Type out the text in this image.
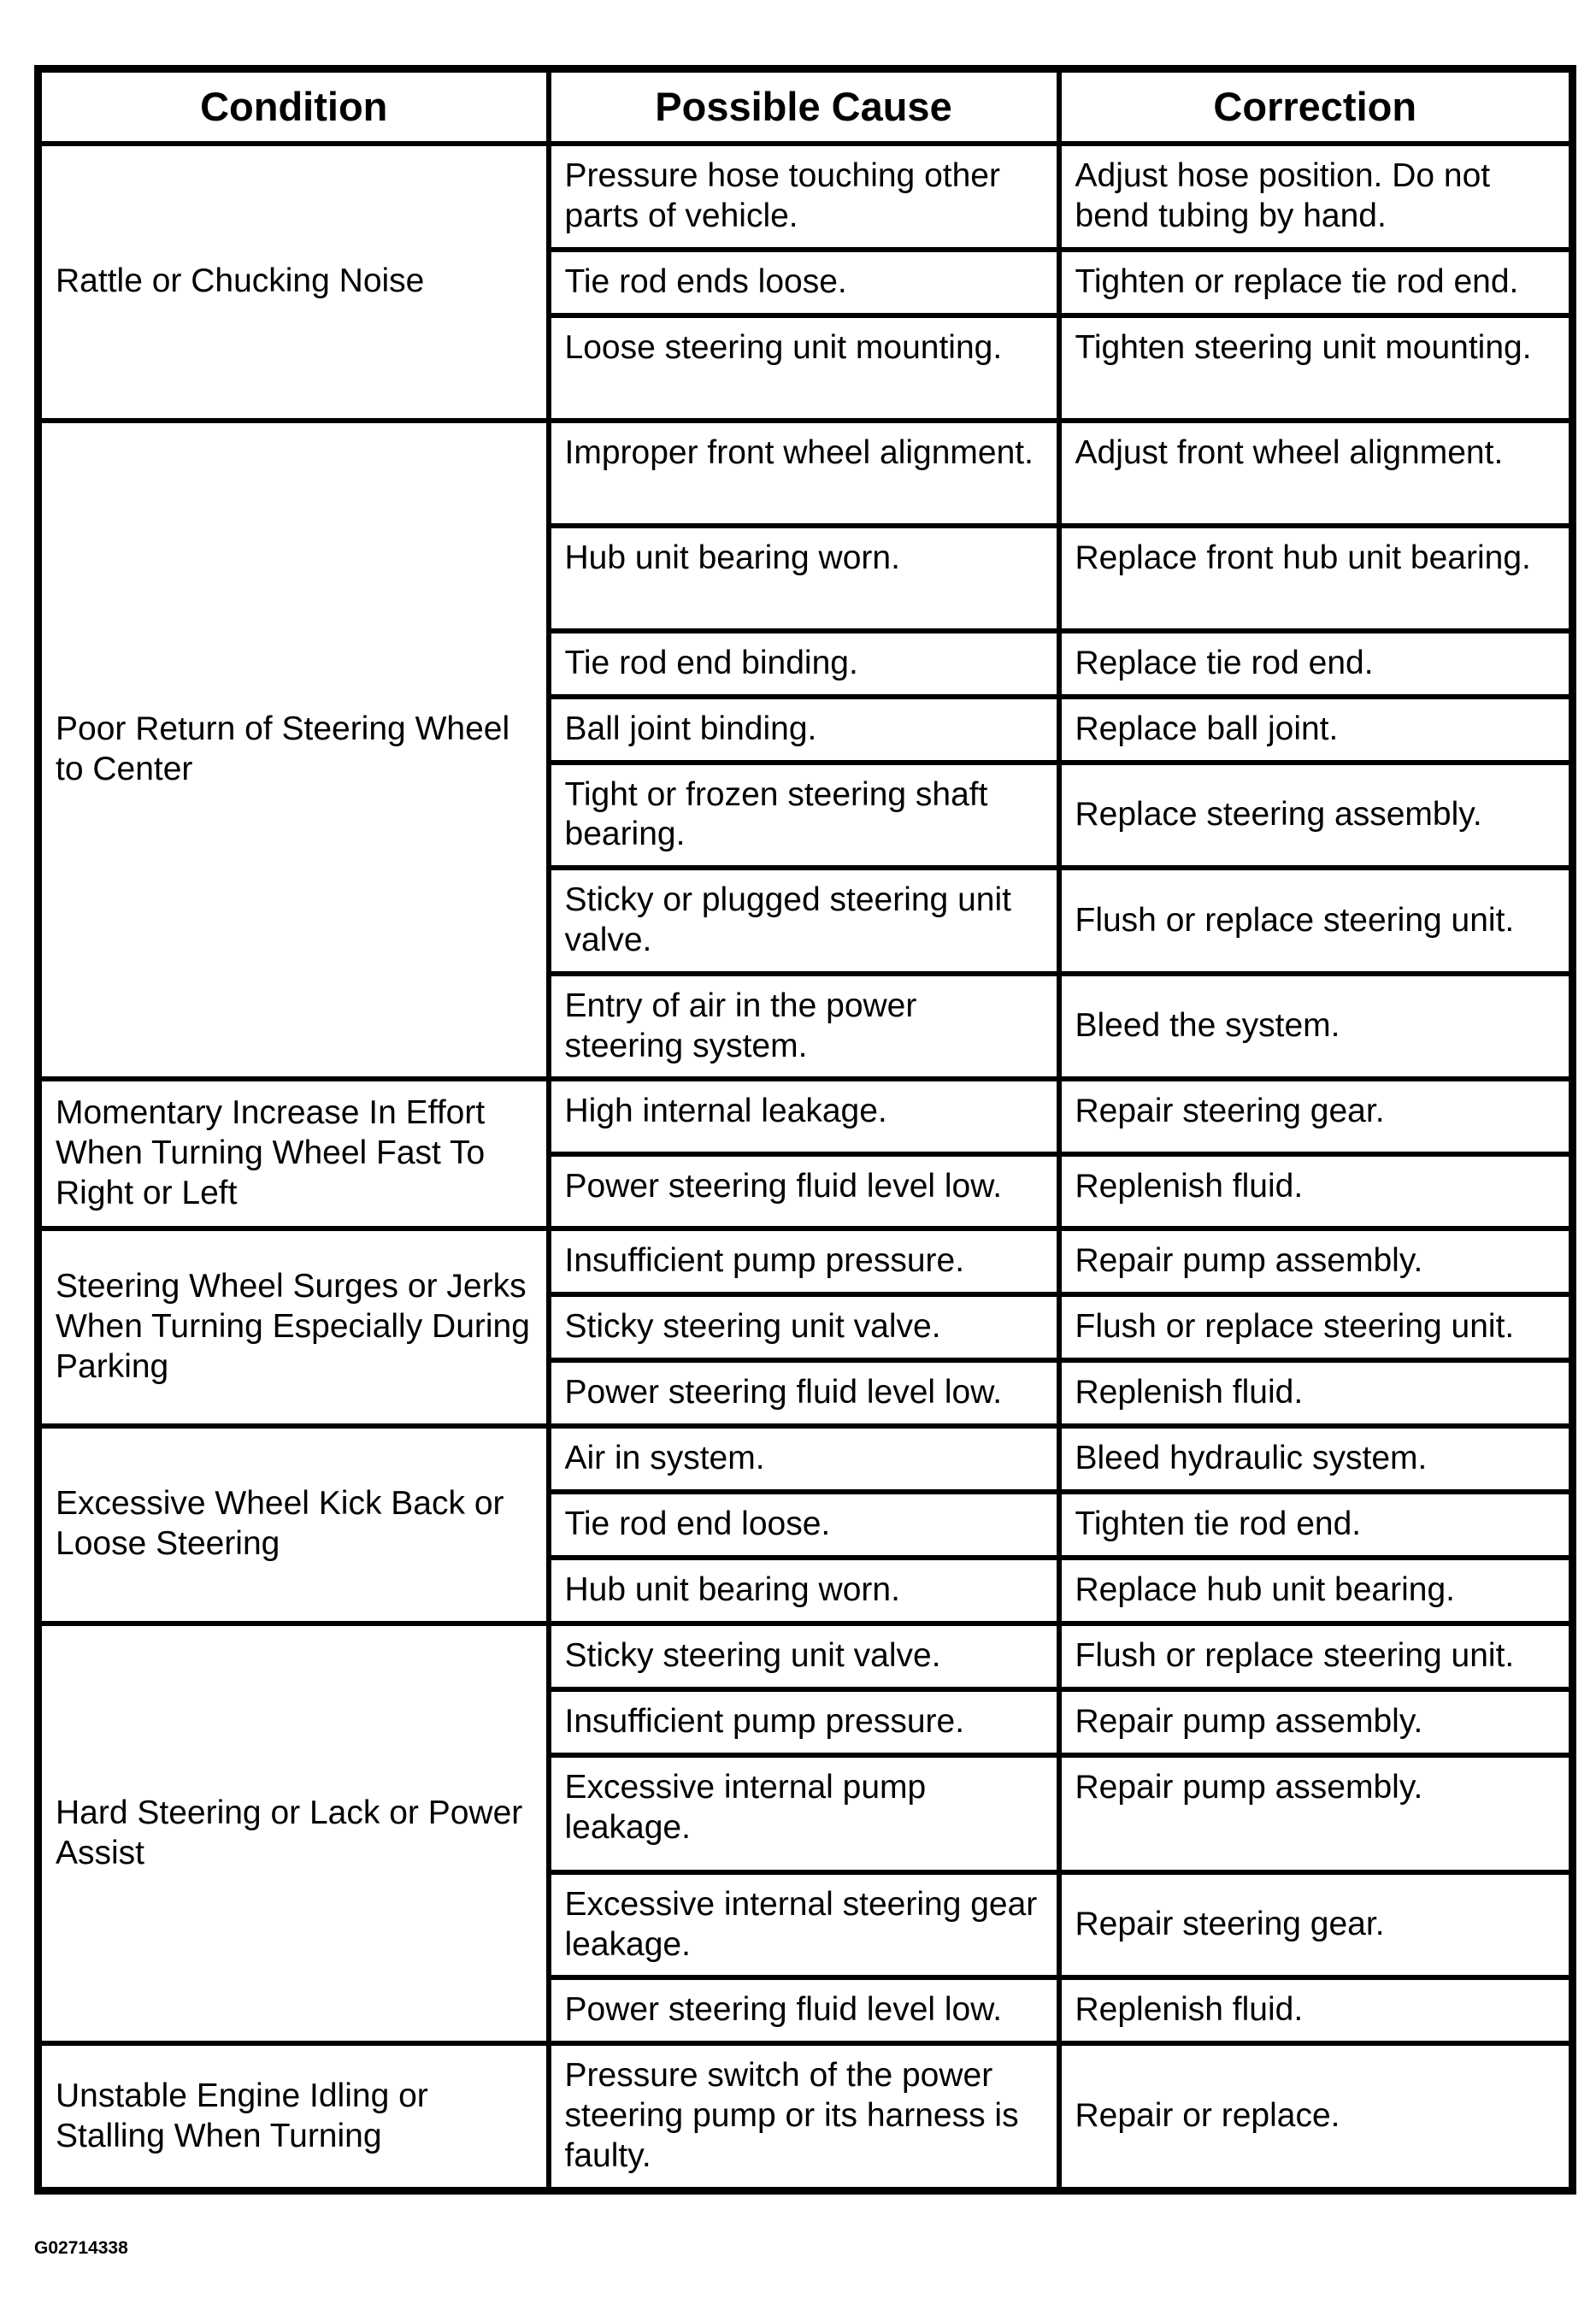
Condition	Possible Cause	Correction
Rattle or Chucking Noise	Pressure hose touching other parts of vehicle.	Adjust hose position. Do not bend tubing by hand.
	Tie rod ends loose.	Tighten or replace tie rod end.
	Loose steering unit mounting.	Tighten steering unit mounting.
Poor Return of Steering Wheel to Center	Improper front wheel alignment.	Adjust front wheel alignment.
	Hub unit bearing worn.	Replace front hub unit bearing.
	Tie rod end binding.	Replace tie rod end.
	Ball joint binding.	Replace ball joint.
	Tight or frozen steering shaft bearing.	Replace steering assembly.
	Sticky or plugged steering unit valve.	Flush or replace steering unit.
	Entry of air in the power steering system.	Bleed the system.
Momentary Increase In Effort When Turning Wheel Fast To Right or Left	High internal leakage.	Repair steering gear.
	Power steering fluid level low.	Replenish fluid.
Steering Wheel Surges or Jerks When Turning Especially During Parking	Insufficient pump pressure.	Repair pump assembly.
	Sticky steering unit valve.	Flush or replace steering unit.
	Power steering fluid level low.	Replenish fluid.
Excessive Wheel Kick Back or Loose Steering	Air in system.	Bleed hydraulic system.
	Tie rod end loose.	Tighten tie rod end.
	Hub unit bearing worn.	Replace hub unit bearing.
Hard Steering or Lack or Power Assist	Sticky steering unit valve.	Flush or replace steering unit.
	Insufficient pump pressure.	Repair pump assembly.
	Excessive internal pump leakage.	Repair pump assembly.
	Excessive internal steering gear leakage.	Repair steering gear.
	Power steering fluid level low.	Replenish fluid.
Unstable Engine Idling or Stalling When Turning	Pressure switch of the power steering pump or its harness is faulty.	Repair or replace.
G02714338
